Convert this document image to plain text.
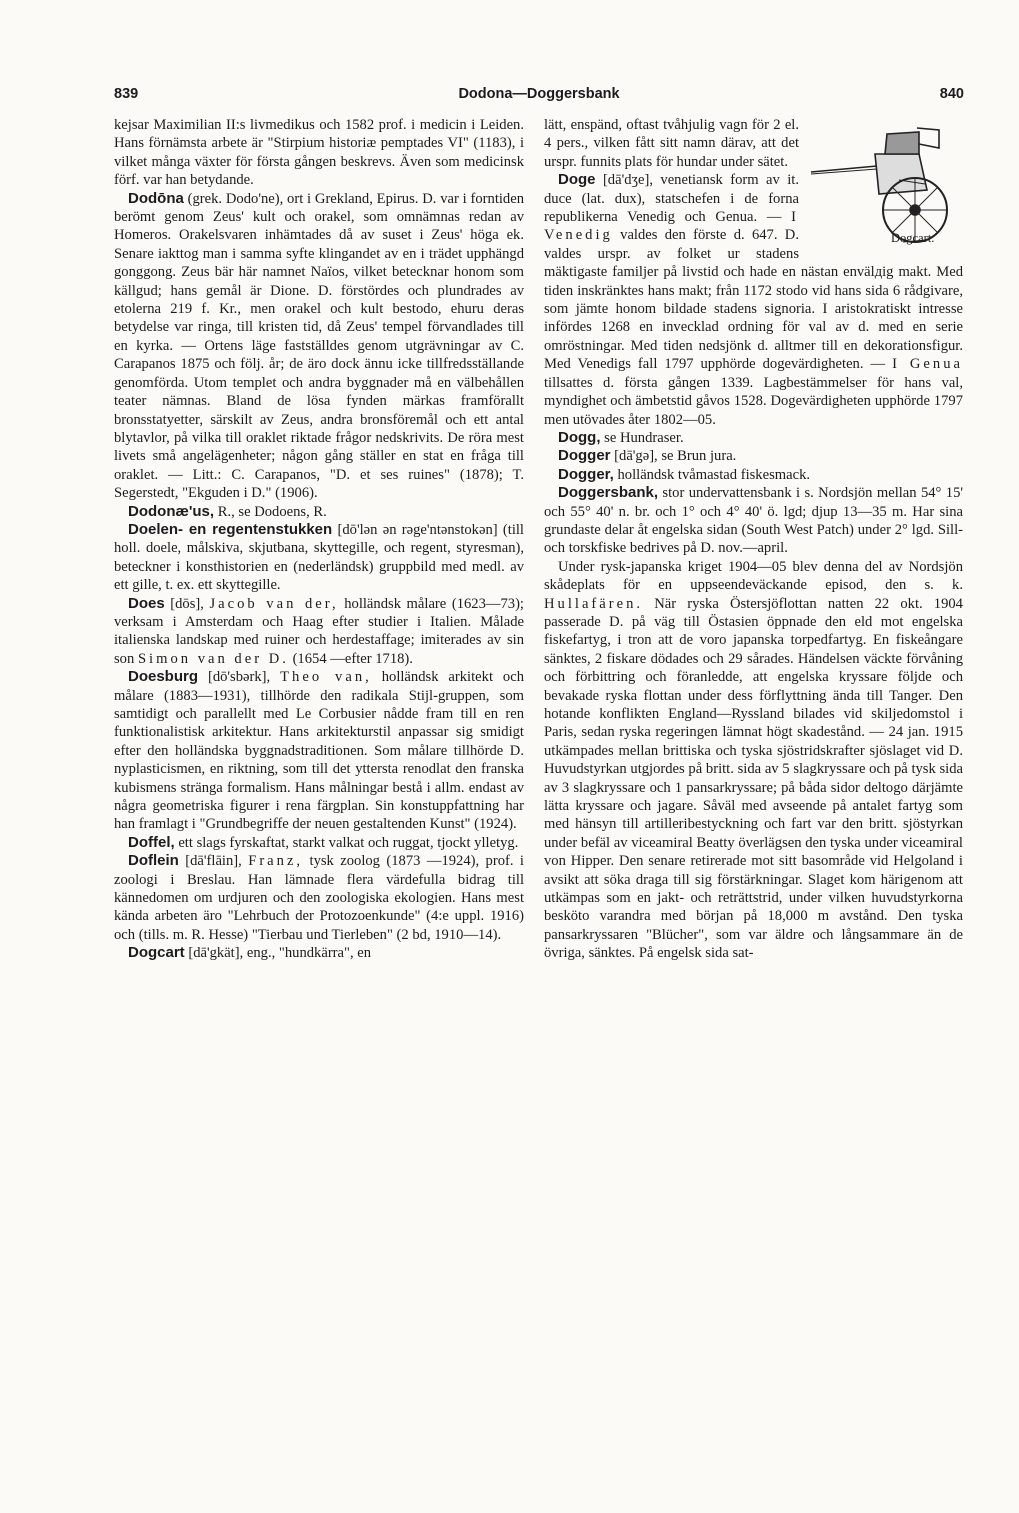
839	Dodona—Doggersbank	840

kejsar Maximilian II:s livmedikus och 1582 prof. i medicin i Leiden. Hans förnämsta arbete är "Stirpium historiæ pemptades VI" (1183), i vilket många växter för första gången beskrevs. Även som medicinsk förf. var han betydande.

Dodōna (grek. Dodo'ne), ort i Grekland, Epirus. D. var i forntiden berömt genom Zeus' kult och orakel, som omnämnas redan av Homeros. Orakelsvaren inhämtades då av suset i Zeus' höga ek. Senare iakttog man i samma syfte klingandet av en i trädet upphängd gonggong. Zeus bär här namnet Naïos, vilket betecknar honom som källgud; hans gemål är Dione. D. förstördes och plundrades av etolerna 219 f. Kr., men orakel och kult bestodo, ehuru deras betydelse var ringa, till kristen tid, då Zeus' tempel förvandlades till en kyrka. — Ortens läge fastställdes genom utgrävningar av C. Carapanos 1875 och följ. år; de äro dock ännu icke tillfredsställande genomförda. Utom templet och andra byggnader må en välbehållen teater nämnas. Bland de lösa fynden märkas framförallt bronsstatyetter, särskilt av Zeus, andra bronsföremål och ett antal blytavlor, på vilka till oraklet riktade frågor nedskrivits. De röra mest livets små angelägenheter; någon gång ställer en stat en fråga till oraklet. — Litt.: C. Carapanos, "D. et ses ruines" (1878); T. Segerstedt, "Ekguden i D." (1906).

Dodonæ'us, R., se Dodoens, R.

Doelen- en regentenstukken [dō'lən ən rəge'ntənstokən] (till holl. doele, målskiva, skjutbana, skyttegille, och regent, styresman), beteckner i konsthistorien en (nederländsk) gruppbild med medl. av ett gille, t. ex. ett skyttegille.

Does [dōs], Jacob van der, holländsk målare (1623—73); verksam i Amsterdam och Haag efter studier i Italien. Målade italienska landskap med ruiner och herdestaffage; imiterades av sin son Simon van der D. (1654 —efter 1718).

Doesburg [dō'sbərk], Theo van, holländsk arkitekt och målare (1883—1931), tillhörde den radikala Stijl-gruppen, som samtidigt och parallellt med Le Corbusier nådde fram till en ren funktionalistisk arkitektur. Hans arkitekturstil anpassar sig smidigt efter den holländska byggnadstraditionen. Som målare tillhörde D. nyplasticismen, en riktning, som till det yttersta renodlat den franska kubismens stränga formalism. Hans målningar bestå i allm. endast av några geometriska figurer i rena färgplan. Sin konstuppfattning har han framlagt i "Grundbegriffe der neuen gestaltenden Kunst" (1924).

Doffel, ett slags fyrskaftat, starkt valkat och ruggat, tjockt ylletyg.

Doflein [dā'flāin], Franz, tysk zoolog (1873 —1924), prof. i zoologi i Breslau. Han lämnade flera värdefulla bidrag till kännedomen om urdjuren och den zoologiska ekologien. Hans mest kända arbeten äro "Lehrbuch der Protozoenkunde" (4:e uppl. 1916) och (tills. m. R. Hesse) "Tierbau und Tierleben" (2 bd, 1910—14).

Dogcart [dā'gkät], eng., "hundkärra", en

Dogcart.

lätt, enspänd, oftast tvåhjulig vagn för 2 el. 4 pers., vilken fått sitt namn därav, att det urspr. funnits plats för hundar under sätet.

Doge [dā'dʒe], venetiansk form av it. duce (lat. dux), statschefen i de forna republikerna Venedig och Genua. — I Venedig valdes den förste d. 647. D. valdes urspr. av folket ur stadens mäktigaste familjer på livstid och hade en nästan envälдig makt. Med tiden inskränktes hans makt; från 1172 stodo vid hans sida 6 rådgivare, som jämte honom bildade stadens signoria. I aristokratiskt intresse infördes 1268 en invecklad ordning för val av d. med en serie omröstningar. Med tiden nedsjönk d. alltmer till en dekorationsfigur. Med Venedigs fall 1797 upphörde dogevärdigheten. — I Genua tillsattes d. första gången 1339. Lagbestämmelser för hans val, myndighet och ämbetstid gåvos 1528. Dogevärdigheten upphörde 1797 men utövades åter 1802—05.

Dogg, se Hundraser.

Dogger [dā'gə], se Brun jura.

Dogger, holländsk tvåmastad fiskesmack.

Doggersbank, stor undervattensbank i s. Nordsjön mellan 54° 15' och 55° 40' n. br. och 1° och 4° 40' ö. lgd; djup 13—35 m. Har sina grundaste delar åt engelska sidan (South West Patch) under 2° lgd. Sill- och torskfiske bedrives på D. nov.—april.

Under rysk-japanska kriget 1904—05 blev denna del av Nordsjön skådeplats för en uppseendeväckande episod, den s. k. Hullafären. När ryska Östersjöflottan natten 22 okt. 1904 passerade D. på väg till Östasien öppnade den eld mot engelska fiskefartyg, i tron att de voro japanska torpedfartyg. En fiskeångare sänktes, 2 fiskare dödades och 29 sårades. Händelsen väckte förvåning och förbittring och föranledde, att engelska kryssare följde och bevakade ryska flottan under dess förflyttning ända till Tanger. Den hotande konflikten England—Ryssland bilades vid skiljedomstol i Paris, sedan ryska regeringen lämnat högt skadestånd. — 24 jan. 1915 utkämpades mellan brittiska och tyska sjöstridskrafter sjöslaget vid D. Huvudstyrkan utgjordes på britt. sida av 5 slagkryssare och på tysk sida av 3 slagkryssare och 1 pansarkryssare; på båda sidor deltogo därjämte lätta kryssare och jagare. Såväl med avseende på antalet fartyg som med hänsyn till artilleribestyckning och fart var den britt. sjöstyrkan under befäl av viceamiral Beatty överlägsen den tyska under viceamiral von Hipper. Den senare retirerade mot sitt basområde vid Helgoland i avsikt att söka draga till sig förstärkningar. Slaget kom härigenom att utkämpas som en jakt- och reträttstrid, under vilken huvudstyrkorna besköto varandra med början på 18,000 m avstånd. Den tyska pansarkryssaren "Blücher", som var äldre och långsammare än de övriga, sänktes. På engelsk sida sat-
